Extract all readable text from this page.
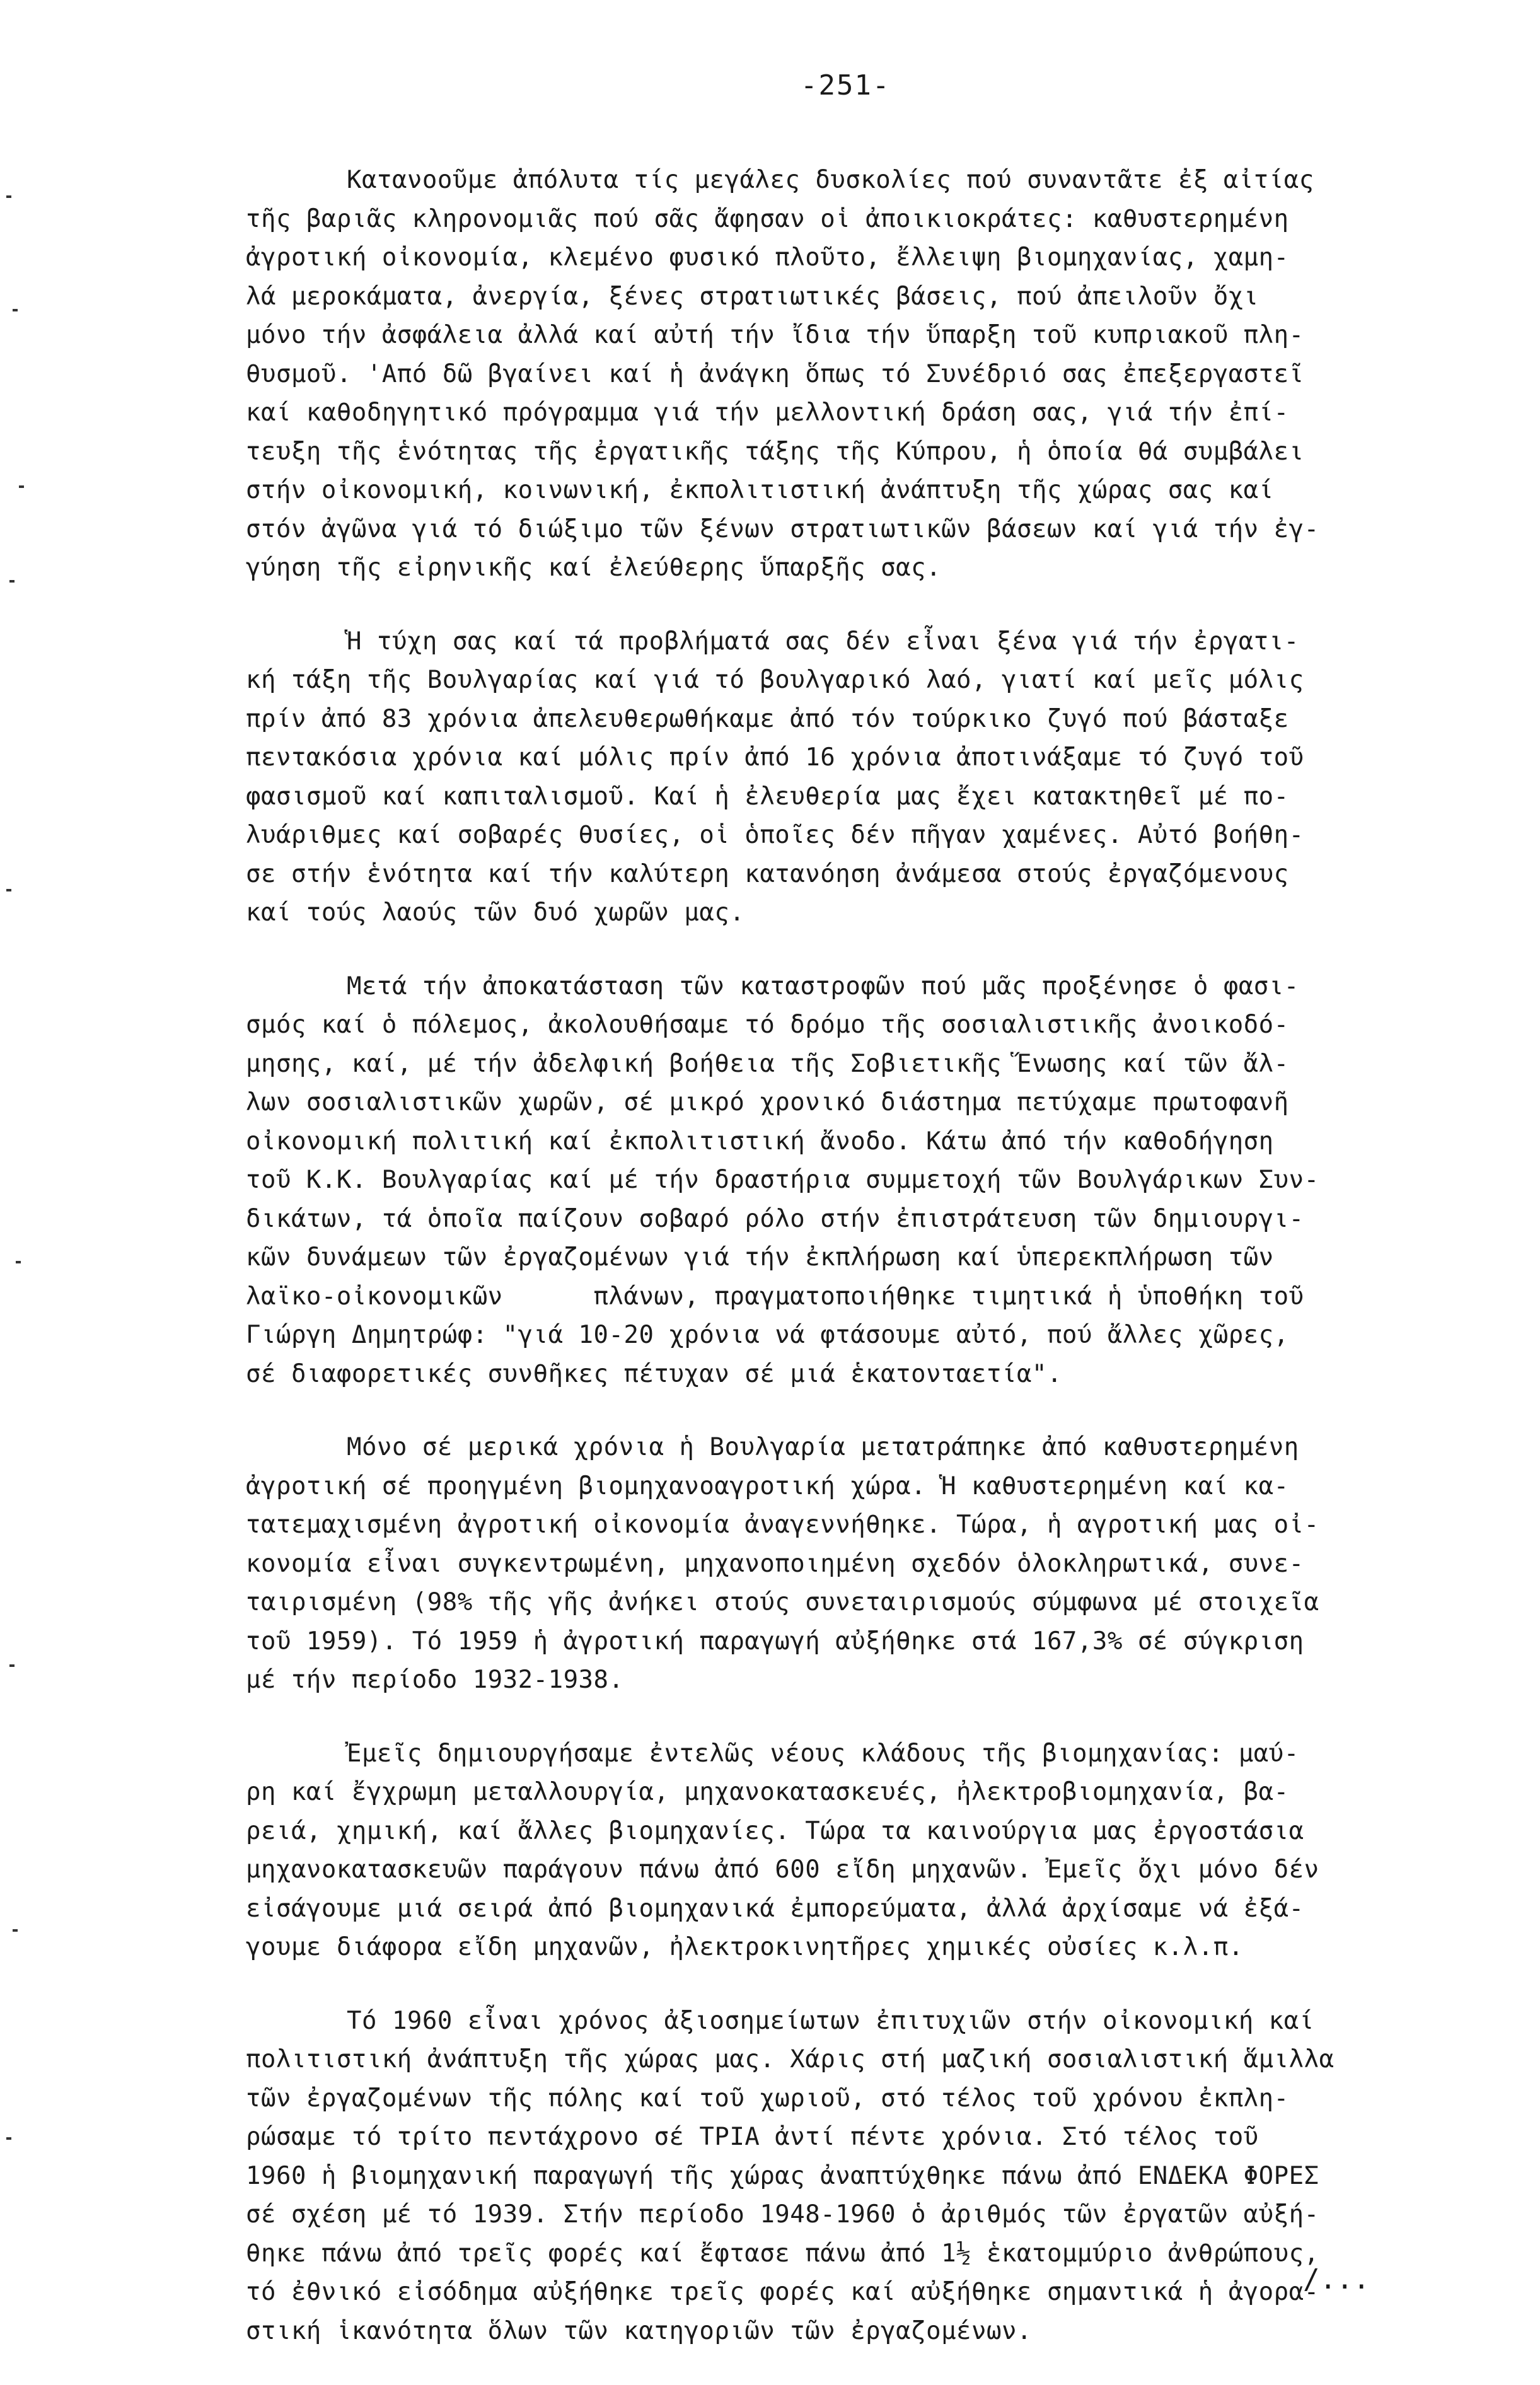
-251-

Κατανοοῦμε ἀπόλυτα τίς μεγάλες δυσκολίες πού συναντᾶτε ἐξ αἰτίας
τῆς βαριᾶς κληρονομιᾶς πού σᾶς ἄφησαν οἱ ἀποικιοκράτες: καθυστερημένη
ἀγροτική οἰκονομία, κλεμένο φυσικό πλοῦτο, ἔλλειψη βιομηχανίας, χαμη-
λά μεροκάματα, ἀνεργία, ξένες στρατιωτικές βάσεις, πού ἀπειλοῦν ὄχι
μόνο τήν ἀσφάλεια ἀλλά καί αὐτή τήν ἴδια τήν ὕπαρξη τοῦ κυπριακοῦ πλη-
θυσμοῦ. 'Από δῶ βγαίνει καί ἡ ἀνάγκη ὅπως τό Συνέδριό σας ἐπεξεργαστεῖ
καί καθοδηγητικό πρόγραμμα γιά τήν μελλοντική δράση σας, γιά τήν ἐπί-
τευξη τῆς ἑνότητας τῆς ἐργατικῆς τάξης τῆς Κύπρου, ἡ ὁποία θά συμβάλει
στήν οἰκονομική, κοινωνική, ἐκπολιτιστική ἀνάπτυξη τῆς χώρας σας καί
στόν ἀγῶνα γιά τό διώξιμο τῶν ξένων στρατιωτικῶν βάσεων καί γιά τήν ἐγ-
γύηση τῆς εἰρηνικῆς καί ἐλεύθερης ὕπαρξῆς σας.

Ἡ τύχη σας καί τά προβλήματά σας δέν εἶναι ξένα γιά τήν ἐργατι-
κή τάξη τῆς Βουλγαρίας καί γιά τό βουλγαρικό λαό, γιατί καί μεῖς μόλις
πρίν ἀπό 83 χρόνια ἀπελευθερωθήκαμε ἀπό τόν τούρκικο ζυγό πού βάσταξε
πεντακόσια χρόνια καί μόλις πρίν ἀπό 16 χρόνια ἀποτινάξαμε τό ζυγό τοῦ
φασισμοῦ καί καπιταλισμοῦ. Καί ἡ ἐλευθερία μας ἔχει κατακτηθεῖ μέ πο-
λυάριθμες καί σοβαρές θυσίες, οἱ ὁποῖες δέν πῆγαν χαμένες. Αὐτό βοήθη-
σε στήν ἑνότητα καί τήν καλύτερη κατανόηση ἀνάμεσα στούς ἐργαζόμενους
καί τούς λαούς τῶν δυό χωρῶν μας.

Μετά τήν ἀποκατάσταση τῶν καταστροφῶν πού μᾶς προξένησε ὁ φασι-
σμός καί ὁ πόλεμος, ἀκολουθήσαμε τό δρόμο τῆς σοσιαλιστικῆς ἀνοικοδό-
μησης, καί, μέ τήν ἀδελφική βοήθεια τῆς Σοβιετικῆς Ἕνωσης καί τῶν ἄλ-
λων σοσιαλιστικῶν χωρῶν, σέ μικρό χρονικό διάστημα πετύχαμε πρωτοφανῆ
οἰκονομική πολιτική καί ἐκπολιτιστική ἄνοδο. Κάτω ἀπό τήν καθοδήγηση
τοῦ Κ.Κ. Βουλγαρίας καί μέ τήν δραστήρια συμμετοχή τῶν Βουλγάρικων Συν-
δικάτων, τά ὁποῖα παίζουν σοβαρό ρόλο στήν ἐπιστράτευση τῶν δημιουργι-
κῶν δυνάμεων τῶν ἐργαζομένων γιά τήν ἐκπλήρωση καί ὑπερεκπλήρωση τῶν
λαϊκο-οἰκονομικῶν      πλάνων, πραγματοποιήθηκε τιμητικά ἡ ὑποθήκη τοῦ
Γιώργη Δημητρώφ: "γιά 10-20 χρόνια νά φτάσουμε αὐτό, πού ἄλλες χῶρες,
σέ διαφορετικές συνθῆκες πέτυχαν σέ μιά ἑκατονταετία".

Μόνο σέ μερικά χρόνια ἡ Βουλγαρία μετατράπηκε ἀπό καθυστερημένη
ἀγροτική σέ προηγμένη βιομηχανοαγροτική χώρα. Ἡ καθυστερημένη καί κα-
τατεμαχισμένη ἀγροτική οἰκονομία ἀναγεννήθηκε. Τώρα, ἡ αγροτική μας οἰ-
κονομία εἶναι συγκεντρωμένη, μηχανοποιημένη σχεδόν ὁλοκληρωτικά, συνε-
ταιρισμένη (98% τῆς γῆς ἀνήκει στούς συνεταιρισμούς σύμφωνα μέ στοιχεῖα
τοῦ 1959). Τό 1959 ἡ ἀγροτική παραγωγή αὐξήθηκε στά 167,3% σέ σύγκριση
μέ τήν περίοδο 1932-1938.

Ἐμεῖς δημιουργήσαμε ἐντελῶς νέους κλάδους τῆς βιομηχανίας: μαύ-
ρη καί ἔγχρωμη μεταλλουργία, μηχανοκατασκευές, ἠλεκτροβιομηχανία, βα-
ρειά, χημική, καί ἄλλες βιομηχανίες. Τώρα τα καινούργια μας ἐργοστάσια
μηχανοκατασκευῶν παράγουν πάνω ἀπό 600 εἴδη μηχανῶν. Ἐμεῖς ὄχι μόνο δέν
εἰσάγουμε μιά σειρά ἀπό βιομηχανικά ἐμπορεύματα, ἀλλά ἀρχίσαμε νά ἐξά-
γουμε διάφορα εἴδη μηχανῶν, ἠλεκτροκινητῆρες χημικές οὐσίες κ.λ.π.

Τό 1960 εἶναι χρόνος ἀξιοσημείωτων ἐπιτυχιῶν στήν οἰκονομική καί
πολιτιστική ἀνάπτυξη τῆς χώρας μας. Χάρις στή μαζική σοσιαλιστική ἅμιλλα
τῶν ἐργαζομένων τῆς πόλης καί τοῦ χωριοῦ, στό τέλος τοῦ χρόνου ἐκπλη-
ρώσαμε τό τρίτο πεντάχρονο σέ ΤΡΙΑ ἀντί πέντε χρόνια. Στό τέλος τοῦ
1960 ἡ βιομηχανική παραγωγή τῆς χώρας ἀναπτύχθηκε πάνω ἀπό ΕΝΔΕΚΑ ΦΟΡΕΣ
σέ σχέση μέ τό 1939. Στήν περίοδο 1948-1960 ὁ ἀριθμός τῶν ἐργατῶν αὐξή-
θηκε πάνω ἀπό τρεῖς φορές καί ἔφτασε πάνω ἀπό 1½ ἑκατομμύριο ἀνθρώπους,
τό ἐθνικό εἰσόδημα αὐξήθηκε τρεῖς φορές καί αὐξήθηκε σημαντικά ἡ ἀγορα-
στική ἱκανότητα ὅλων τῶν κατηγοριῶν τῶν ἐργαζομένων.

/...
